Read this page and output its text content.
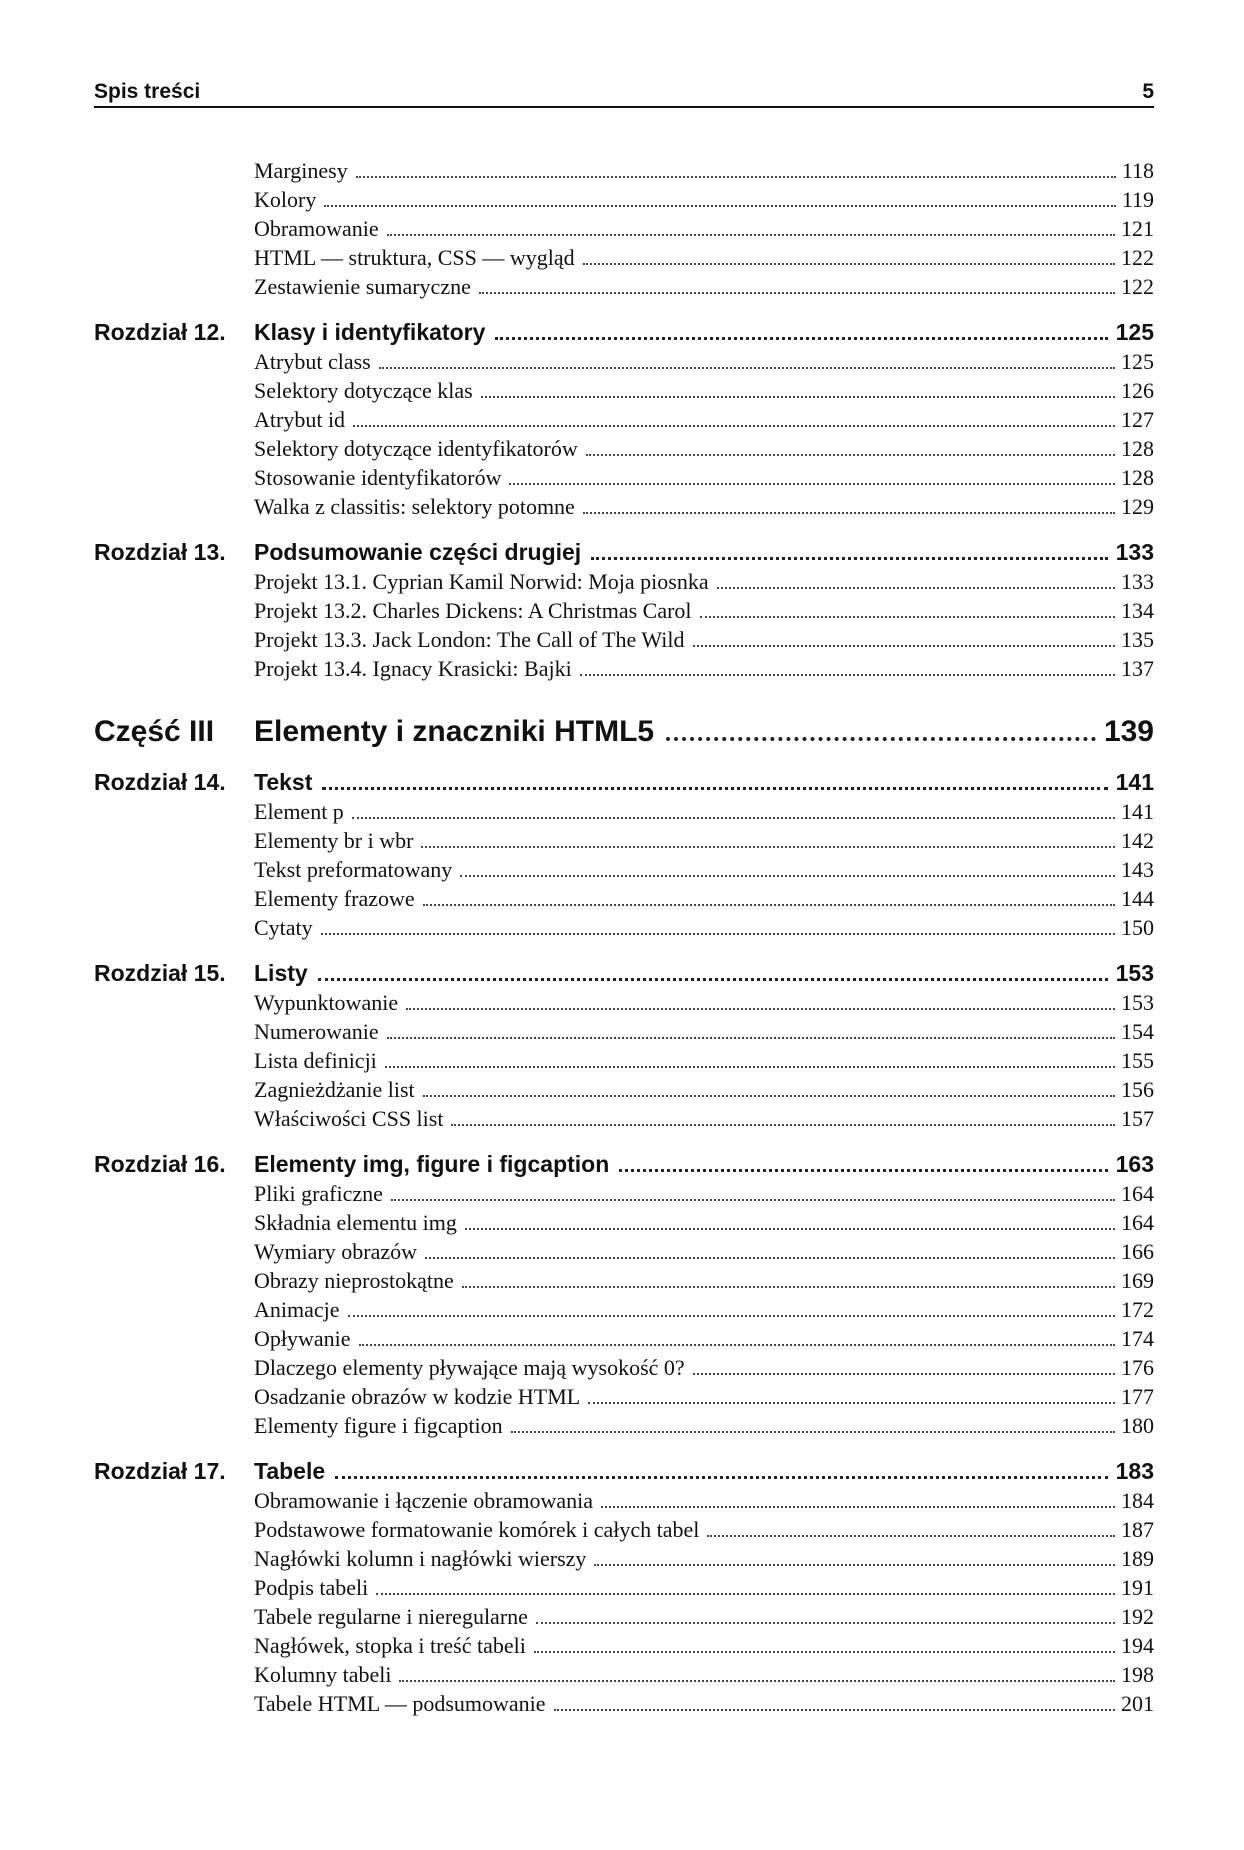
Spis treści	5
Marginesy	118
Kolory	119
Obramowanie	121
HTML — struktura, CSS — wygląd	122
Zestawienie sumaryczne	122
Rozdział 12.	Klasy i identyfikatory	125
Atrybut class	125
Selektory dotyczące klas	126
Atrybut id	127
Selektory dotyczące identyfikatorów	128
Stosowanie identyfikatorów	128
Walka z classitis: selektory potomne	129
Rozdział 13.	Podsumowanie części drugiej	133
Projekt 13.1. Cyprian Kamil Norwid: Moja piosnka	133
Projekt 13.2. Charles Dickens: A Christmas Carol	134
Projekt 13.3. Jack London: The Call of The Wild	135
Projekt 13.4. Ignacy Krasicki: Bajki	137
Część III	Elementy i znaczniki HTML5	139
Rozdział 14.	Tekst	141
Element p	141
Elementy br i wbr	142
Tekst preformatowany	143
Elementy frazowe	144
Cytaty	150
Rozdział 15.	Listy	153
Wypunktowanie	153
Numerowanie	154
Lista definicji	155
Zagnieżdżanie list	156
Właściwości CSS list	157
Rozdział 16.	Elementy img, figure i figcaption	163
Pliki graficzne	164
Składnia elementu img	164
Wymiary obrazów	166
Obrazy nieprostokątne	169
Animacje	172
Opływanie	174
Dlaczego elementy pływające mają wysokość 0?	176
Osadzanie obrazów w kodzie HTML	177
Elementy figure i figcaption	180
Rozdział 17.	Tabele	183
Obramowanie i łączenie obramowania	184
Podstawowe formatowanie komórek i całych tabel	187
Nagłówki kolumn i nagłówki wierszy	189
Podpis tabeli	191
Tabele regularne i nieregularne	192
Nagłówek, stopka i treść tabeli	194
Kolumny tabeli	198
Tabele HTML — podsumowanie	201
